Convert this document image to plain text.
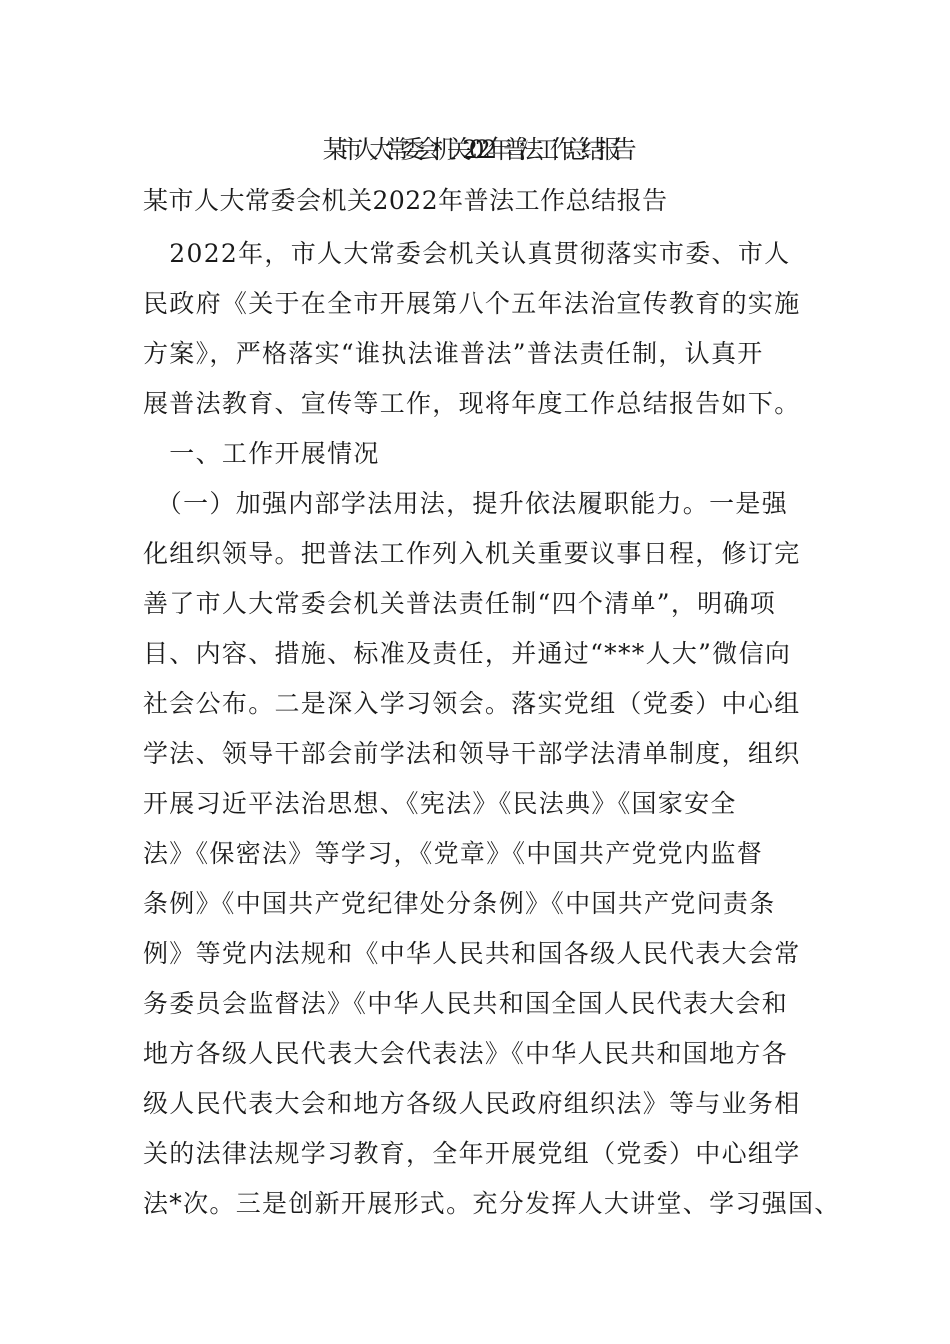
某市人大常委会机关2022年普法工作总结报告
某市人大常委会机关2022年普法工作总结报告
　2022年，市人大常委会机关认真贯彻落实市委、市人
民政府《关于在全市开展第八个五年法治宣传教育的实施
方案》，严格落实“谁执法谁普法”普法责任制，认真开
展普法教育、宣传等工作，现将年度工作总结报告如下。
　一、工作开展情况
　（一）加强内部学法用法，提升依法履职能力。一是强
化组织领导。把普法工作列入机关重要议事日程，修订完
善了市人大常委会机关普法责任制“四个清单”，明确项
目、内容、措施、标准及责任，并通过“***人大”微信向
社会公布。二是深入学习领会。落实党组（党委）中心组
学法、领导干部会前学法和领导干部学法清单制度，组织
开展习近平法治思想、《宪法》《民法典》《国家安全
法》《保密法》等学习，《党章》《中国共产党党内监督
条例》《中国共产党纪律处分条例》《中国共产党问责条
例》等党内法规和《中华人民共和国各级人民代表大会常
务委员会监督法》《中华人民共和国全国人民代表大会和
地方各级人民代表大会代表法》《中华人民共和国地方各
级人民代表大会和地方各级人民政府组织法》等与业务相
关的法律法规学习教育，全年开展党组（党委）中心组学
法*次。三是创新开展形式。充分发挥人大讲堂、学习强国、
